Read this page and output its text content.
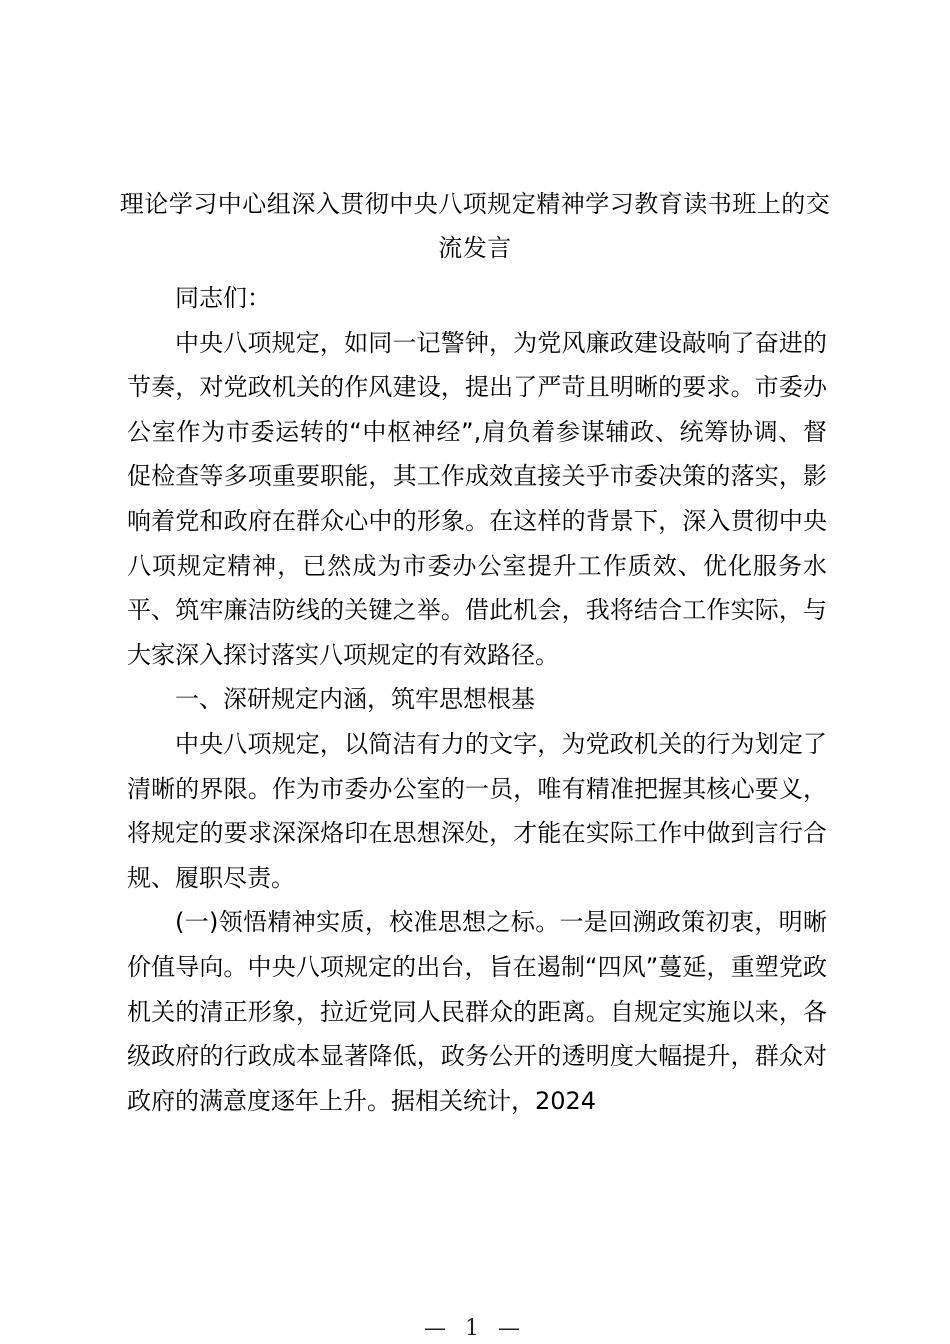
理论学习中心组深入贯彻中央八项规定精神学习教育读书班上的交流发言

同志们：

中央八项规定，如同一记警钟，为党风廉政建设敲响了奋进的节奏，对党政机关的作风建设，提出了严苛且明晰的要求。市委办公室作为市委运转的“中枢神经”,肩负着参谋辅政、统筹协调、督促检查等多项重要职能，其工作成效直接关乎市委决策的落实，影响着党和政府在群众心中的形象。在这样的背景下，深入贯彻中央八项规定精神，已然成为市委办公室提升工作质效、优化服务水平、筑牢廉洁防线的关键之举。借此机会，我将结合工作实际，与大家深入探讨落实八项规定的有效路径。

一、深研规定内涵，筑牢思想根基

中央八项规定，以简洁有力的文字，为党政机关的行为划定了清晰的界限。作为市委办公室的一员，唯有精准把握其核心要义，将规定的要求深深烙印在思想深处，才能在实际工作中做到言行合规、履职尽责。

(一)领悟精神实质，校准思想之标。一是回溯政策初衷，明晰价值导向。中央八项规定的出台，旨在遏制“四风”蔓延，重塑党政机关的清正形象，拉近党同人民群众的距离。自规定实施以来，各级政府的行政成本显著降低，政务公开的透明度大幅提升，群众对政府的满意度逐年上升。据相关统计，2024

— 1 —
